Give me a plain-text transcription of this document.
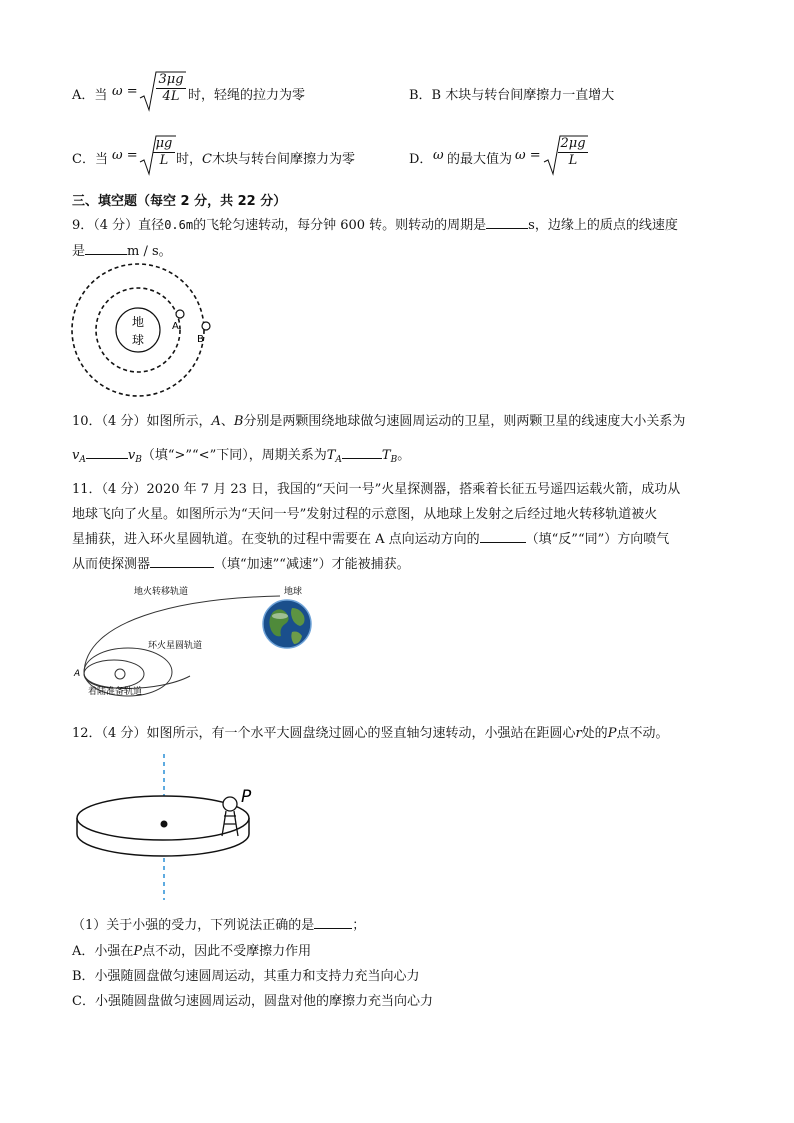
A．当 $\omega = \frac{3\mu g}{4L}$ 时，轻绳的拉力为零	B．B 木块与转台间摩擦力一直增大
C．当 $\omega = \frac{\mu g}{L}$ 时，C木块与转台间摩擦力为零	D． ω 的最大值为 $\omega = \frac{2\mu g}{L}$
三、填空题（每空 2 分，共 22 分）
9．（4 分）直径0.6m的飞轮匀速转动，每分钟 600 转。则转动的周期是	s，边缘上的质点的线速度
是	m / s。
地
球
A
B
10．（4 分）如图所示，A、B分别是两颗围绕地球做匀速圆周运动的卫星，则两颗卫星的线速度大小关系为
$v_A$	$v_B$（填“>”“<”下同），周期关系为$T_A$	$T_B$。
11．（4 分）2020 年 7 月 23 日，我国的“天问一号”火星探测器，搭乘着长征五号遥四运载火箭，成功从
地球飞向了火星。如图所示为“天问一号”发射过程的示意图，从地球上发射之后经过地火转移轨道被火
星捕获，进入环火星圆轨道。在变轨的过程中需要在 A 点向运动方向的	（填“反”“同”）方向喷气
从而使探测器	（填“加速”“减速”）才能被捕获。
地火转移轨道	地球
环火星圆轨道
着陆准备轨道
A
12．（4 分）如图所示，有一个水平大圆盘绕过圆心的竖直轴匀速转动，小强站在距圆心r处的P点不动。
P
（1）关于小强的受力，下列说法正确的是	；
A．小强在P点不动，因此不受摩擦力作用
B．小强随圆盘做匀速圆周运动，其重力和支持力充当向心力
C．小强随圆盘做匀速圆周运动，圆盘对他的摩擦力充当向心力
